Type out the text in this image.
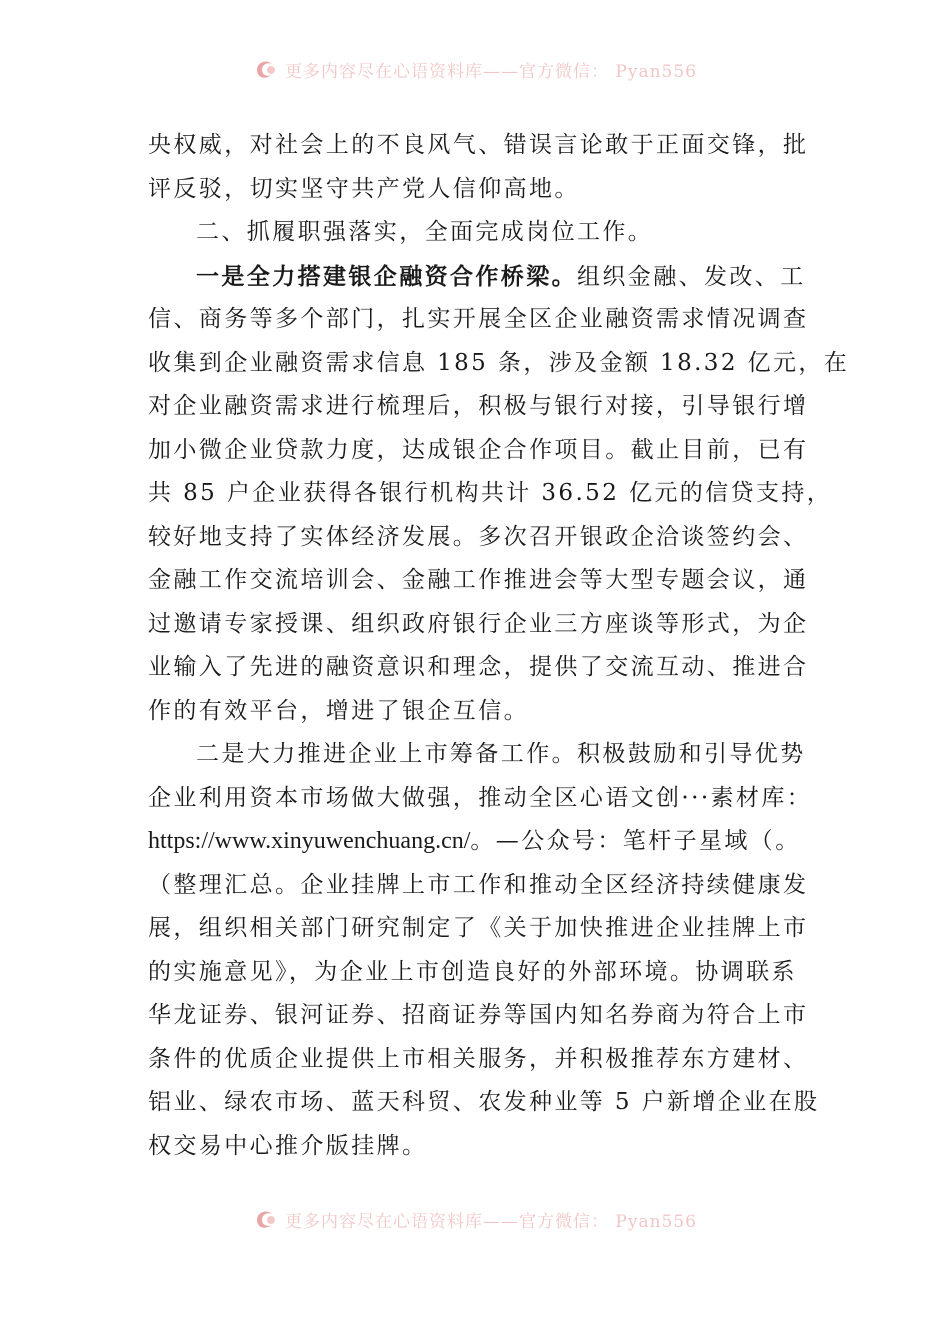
更多内容尽在心语资料库——官方微信： Pyan556
央权威，对社会上的不良风气、错误言论敢于正面交锋，批
评反驳，切实坚守共产党人信仰高地。
二、抓履职强落实，全面完成岗位工作。
一是全力搭建银企融资合作桥梁。组织金融、发改、工
信、商务等多个部门，扎实开展全区企业融资需求情况调查
收集到企业融资需求信息 185 条，涉及金额 18.32 亿元，在
对企业融资需求进行梳理后，积极与银行对接，引导银行增
加小微企业贷款力度，达成银企合作项目。截止目前，已有
共 85 户企业获得各银行机构共计 36.52 亿元的信贷支持，
较好地支持了实体经济发展。多次召开银政企洽谈签约会、
金融工作交流培训会、金融工作推进会等大型专题会议，通
过邀请专家授课、组织政府银行企业三方座谈等形式，为企
业输入了先进的融资意识和理念，提供了交流互动、推进合
作的有效平台，增进了银企互信。
二是大力推进企业上市筹备工作。积极鼓励和引导优势
企业利用资本市场做大做强，推动全区心语文创···素材库：
https://www.xinyuwenchuang.cn/。—公众号：笔杆子星域（。
（整理汇总。企业挂牌上市工作和推动全区经济持续健康发
展，组织相关部门研究制定了《关于加快推进企业挂牌上市
的实施意见》，为企业上市创造良好的外部环境。协调联系
华龙证券、银河证券、招商证券等国内知名券商为符合上市
条件的优质企业提供上市相关服务，并积极推荐东方建材、
铝业、绿农市场、蓝天科贸、农发种业等 5 户新增企业在股
权交易中心推介版挂牌。
更多内容尽在心语资料库——官方微信： Pyan556
